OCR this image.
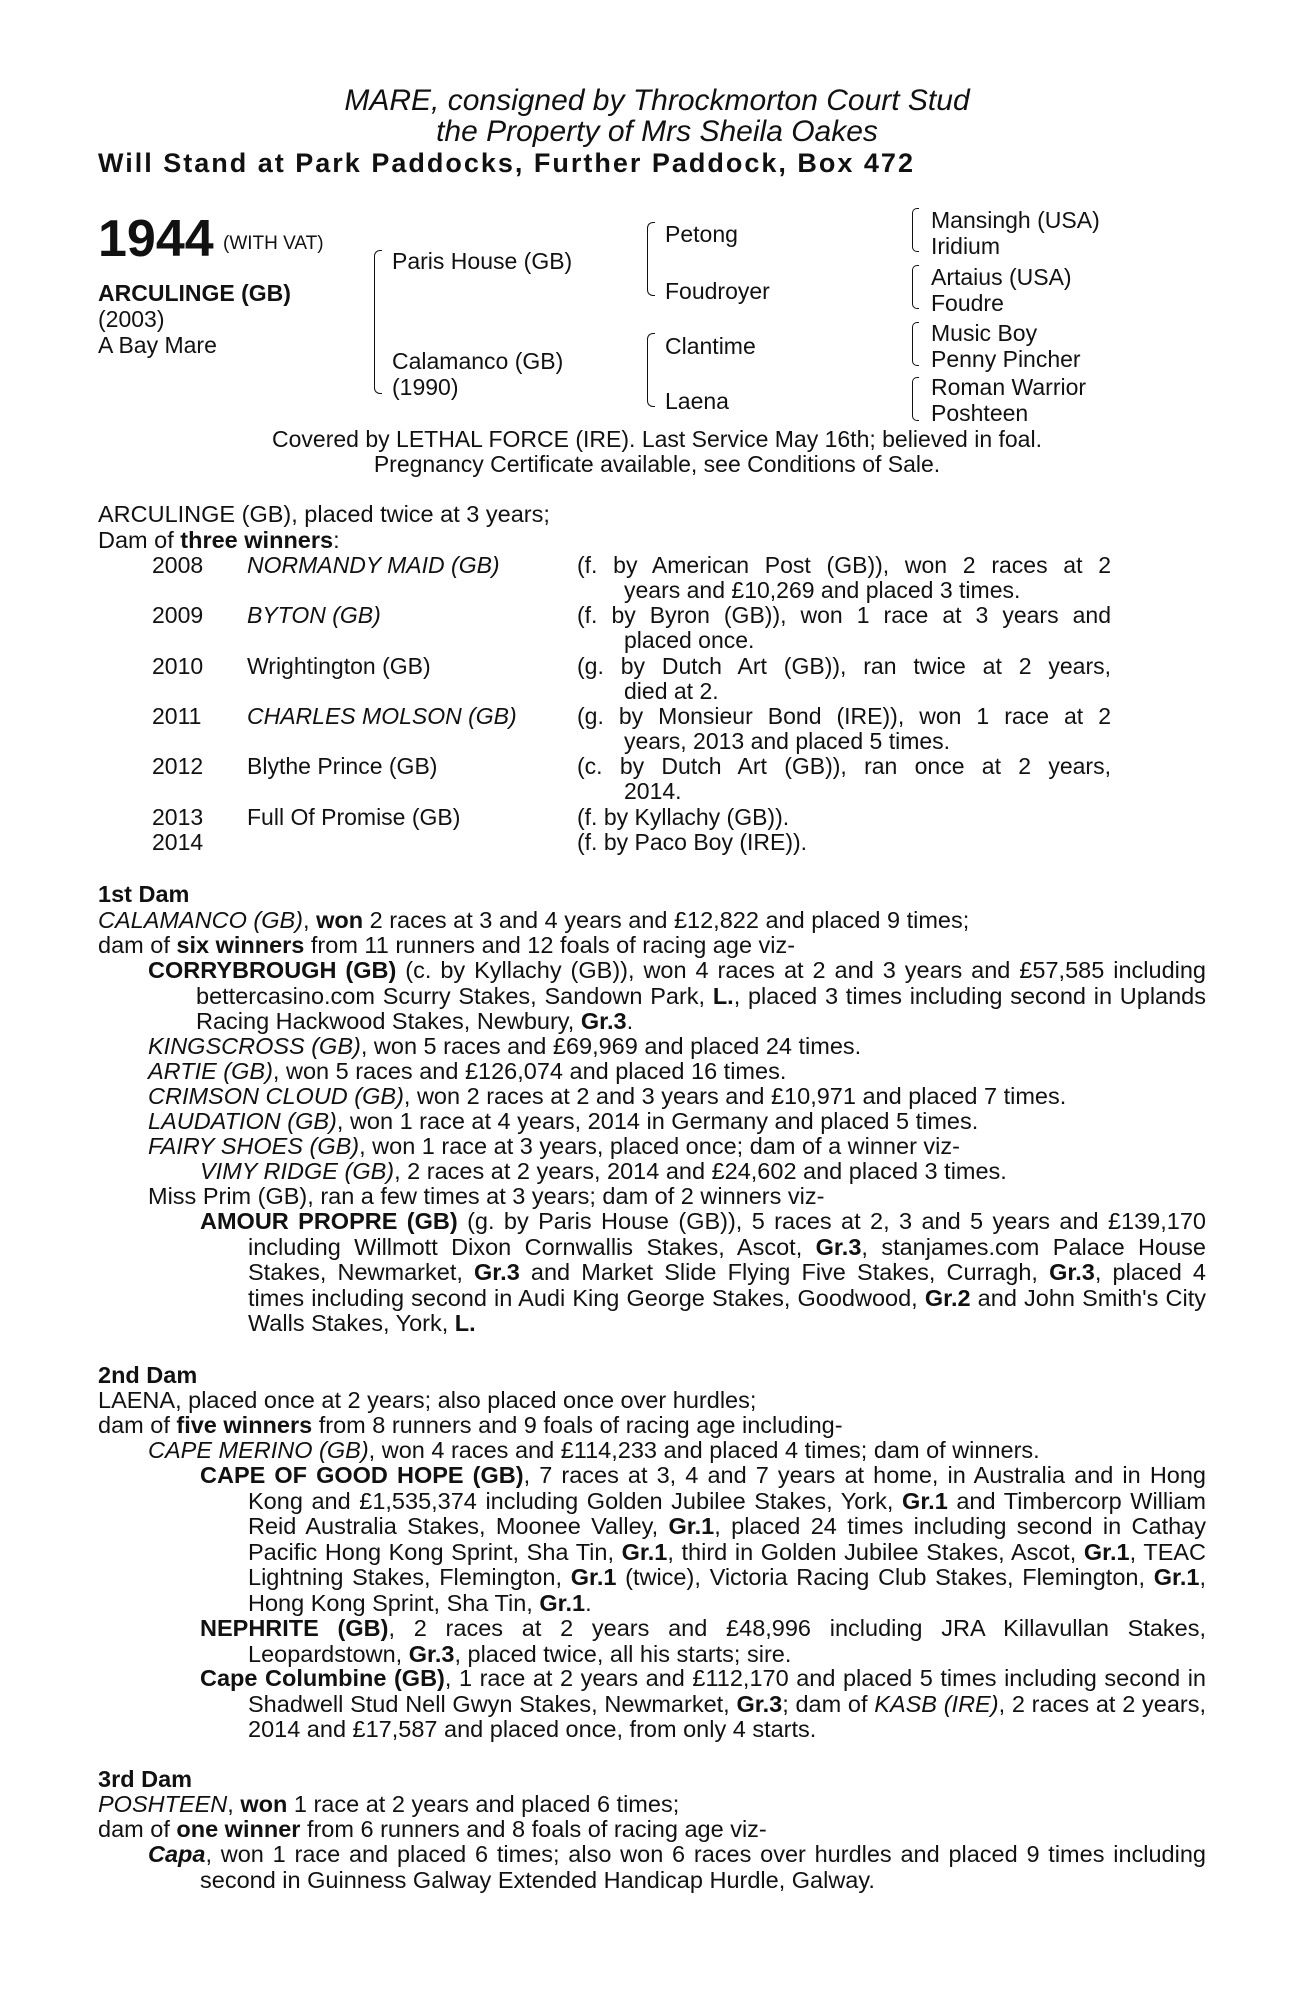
MARE, consigned by Throckmorton Court Stud
the Property of Mrs Sheila Oakes
Will Stand at Park Paddocks, Further Paddock, Box 472
1944 (WITH VAT)
ARCULINGE (GB)
(2003)
A Bay Mare
Paris House (GB)
Calamanco (GB)
(1990)
Petong
Foudroyer
Clantime
Laena
Mansingh (USA)
Iridium
Artaius (USA)
Foudre
Music Boy
Penny Pincher
Roman Warrior
Poshteen
Covered by LETHAL FORCE (IRE). Last Service May 16th; believed in foal.
Pregnancy Certificate available, see Conditions of Sale.
ARCULINGE (GB), placed twice at 3 years;
Dam of three winners:
2008 NORMANDY MAID (GB)	(f. by American Post (GB)), won 2 races at 2
years and £10,269 and placed 3 times.
2009 BYTON (GB)	(f. by Byron (GB)), won 1 race at 3 years and
placed once.
2010 Wrightington (GB)	(g. by Dutch Art (GB)), ran twice at 2 years,
died at 2.
2011 CHARLES MOLSON (GB)	(g. by Monsieur Bond (IRE)), won 1 race at 2
years, 2013 and placed 5 times.
2012 Blythe Prince (GB)	(c. by Dutch Art (GB)), ran once at 2 years,
2014.
2013 Full Of Promise (GB)	(f. by Kyllachy (GB)).
2014	(f. by Paco Boy (IRE)).
1st Dam
CALAMANCO (GB), won 2 races at 3 and 4 years and £12,822 and placed 9 times;
dam of six winners from 11 runners and 12 foals of racing age viz-
CORRYBROUGH (GB) (c. by Kyllachy (GB)), won 4 races at 2 and 3 years and £57,585 including bettercasino.com Scurry Stakes, Sandown Park, L., placed 3 times including second in Uplands Racing Hackwood Stakes, Newbury, Gr.3.
KINGSCROSS (GB), won 5 races and £69,969 and placed 24 times.
ARTIE (GB), won 5 races and £126,074 and placed 16 times.
CRIMSON CLOUD (GB), won 2 races at 2 and 3 years and £10,971 and placed 7 times.
LAUDATION (GB), won 1 race at 4 years, 2014 in Germany and placed 5 times.
FAIRY SHOES (GB), won 1 race at 3 years, placed once; dam of a winner viz-
VIMY RIDGE (GB), 2 races at 2 years, 2014 and £24,602 and placed 3 times.
Miss Prim (GB), ran a few times at 3 years; dam of 2 winners viz-
AMOUR PROPRE (GB) (g. by Paris House (GB)), 5 races at 2, 3 and 5 years and £139,170 including Willmott Dixon Cornwallis Stakes, Ascot, Gr.3, stanjames.com Palace House Stakes, Newmarket, Gr.3 and Market Slide Flying Five Stakes, Curragh, Gr.3, placed 4 times including second in Audi King George Stakes, Goodwood, Gr.2 and John Smith's City Walls Stakes, York, L.
2nd Dam
LAENA, placed once at 2 years; also placed once over hurdles;
dam of five winners from 8 runners and 9 foals of racing age including-
CAPE MERINO (GB), won 4 races and £114,233 and placed 4 times; dam of winners.
CAPE OF GOOD HOPE (GB), 7 races at 3, 4 and 7 years at home, in Australia and in Hong Kong and £1,535,374 including Golden Jubilee Stakes, York, Gr.1 and Timbercorp William Reid Australia Stakes, Moonee Valley, Gr.1, placed 24 times including second in Cathay Pacific Hong Kong Sprint, Sha Tin, Gr.1, third in Golden Jubilee Stakes, Ascot, Gr.1, TEAC Lightning Stakes, Flemington, Gr.1 (twice), Victoria Racing Club Stakes, Flemington, Gr.1, Hong Kong Sprint, Sha Tin, Gr.1.
NEPHRITE (GB), 2 races at 2 years and £48,996 including JRA Killavullan Stakes, Leopardstown, Gr.3, placed twice, all his starts; sire.
Cape Columbine (GB), 1 race at 2 years and £112,170 and placed 5 times including second in Shadwell Stud Nell Gwyn Stakes, Newmarket, Gr.3; dam of KASB (IRE), 2 races at 2 years, 2014 and £17,587 and placed once, from only 4 starts.
3rd Dam
POSHTEEN, won 1 race at 2 years and placed 6 times;
dam of one winner from 6 runners and 8 foals of racing age viz-
Capa, won 1 race and placed 6 times; also won 6 races over hurdles and placed 9 times including second in Guinness Galway Extended Handicap Hurdle, Galway.
